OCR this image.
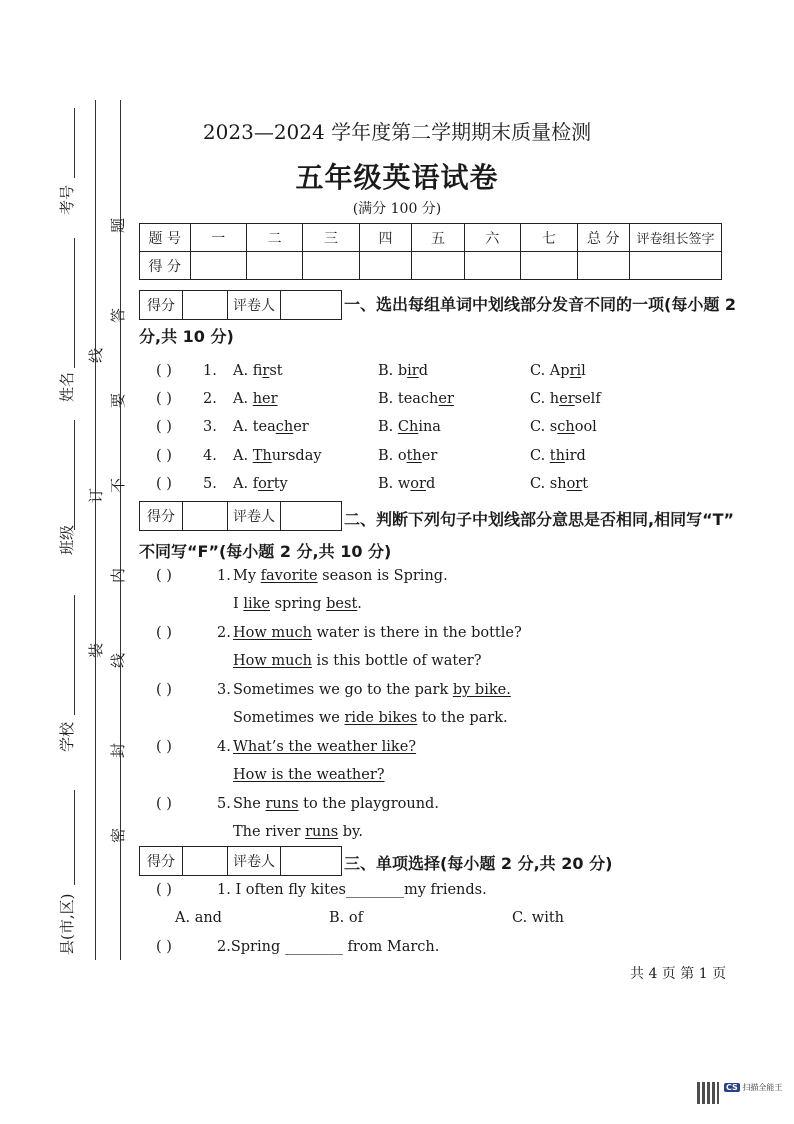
考号
姓名
班级
学校
县(市,区)
题
答
要
不
内
线
封
密
线
订
装
2023—2024 学年度第二学期期末质量检测
五年级英语试卷
(满分 100 分)
题 号	一	二	三	四	五	六	七	总 分	评卷组长签字
得 分									
得分		评卷人		一、选出每组单词中划线部分发音不同的一项(每小题 2
分,共 10 分)
( ) 1. A. first	B. bird	C. April
( ) 2. A. her	B. teacher	C. herself
( ) 3. A. teacher	B. China	C. school
( ) 4. A. Thursday	B. other	C. third
( ) 5. A. forty	B. word	C. short
得分		评卷人		二、判断下列句子中划线部分意思是否相同,相同写“T”
不同写“F”(每小题 2 分,共 10 分)
( )	1. My favorite season is Spring.
I like spring best.
( )	2. How much water is there in the bottle?
How much is this bottle of water?
( )	3. Sometimes we go to the park by bike.
Sometimes we ride bikes to the park.
( )	4. What’s the weather like?
How is the weather?
( )	5. She runs to the playground.
The river runs by.
得分		评卷人		三、单项选择(每小题 2 分,共 20 分)
( )	1. I often fly kites________my friends.
A. and	B. of	C. with
( )	2.Spring ________ from March.
共 4 页 第 1 页
CS 扫描全能王
